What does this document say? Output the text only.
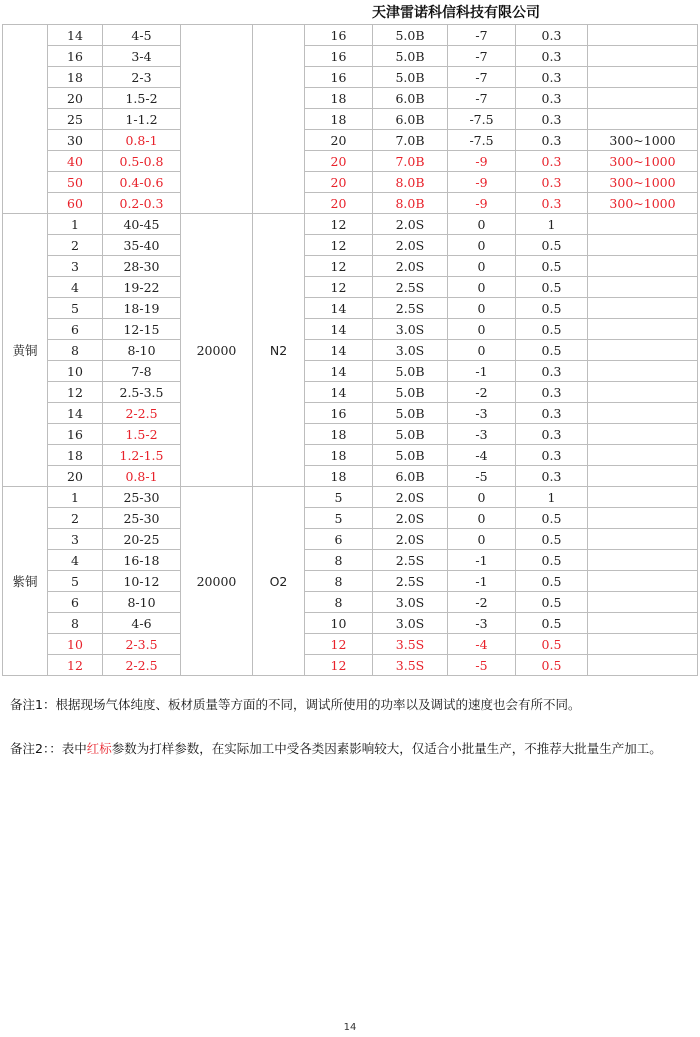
天津雷诺科信科技有限公司
	14	4-5			16	5.0B	-7	0.3		
	16	3-4			16	5.0B	-7	0.3		
	18	2-3			16	5.0B	-7	0.3		
	20	1.5-2			18	6.0B	-7	0.3		
	25	1-1.2			18	6.0B	-7.5	0.3		
	30	0.8-1			20	7.0B	-7.5	0.3	300~1000	
	40	0.5-0.8			20	7.0B	-9	0.3	300~1000	
	50	0.4-0.6			20	8.0B	-9	0.3	300~1000	
	60	0.2-0.3			20	8.0B	-9	0.3	300~1000	
黄铜	1	40-45	20000	N2	12	2.0S	0	1		
	2	35-40			12	2.0S	0	0.5		
	3	28-30			12	2.0S	0	0.5		
	4	19-22			12	2.5S	0	0.5		
	5	18-19			14	2.5S	0	0.5		
	6	12-15			14	3.0S	0	0.5		
	8	8-10			14	3.0S	0	0.5		
	10	7-8			14	5.0B	-1	0.3		
	12	2.5-3.5			14	5.0B	-2	0.3		
	14	2-2.5			16	5.0B	-3	0.3		
	16	1.5-2			18	5.0B	-3	0.3		
	18	1.2-1.5			18	5.0B	-4	0.3		
	20	0.8-1			18	6.0B	-5	0.3		
紫铜	1	25-30	20000	O2	5	2.0S	0	1		
	2	25-30			5	2.0S	0	0.5		
	3	20-25			6	2.0S	0	0.5		
	4	16-18			8	2.5S	-1	0.5		
	5	10-12			8	2.5S	-1	0.5		
	6	8-10			8	3.0S	-2	0.5		
	8	4-6			10	3.0S	-3	0.5		
	10	2-3.5			12	3.5S	-4	0.5		
	12	2-2.5			12	3.5S	-5	0.5		
备注1：根据现场气体纯度、板材质量等方面的不同，调试所使用的功率以及调试的速度也会有所不同。
备注2：：表中红标参数为打样参数，在实际加工中受各类因素影响较大，仅适合小批量生产，不推荐大批量生产加工。
14
